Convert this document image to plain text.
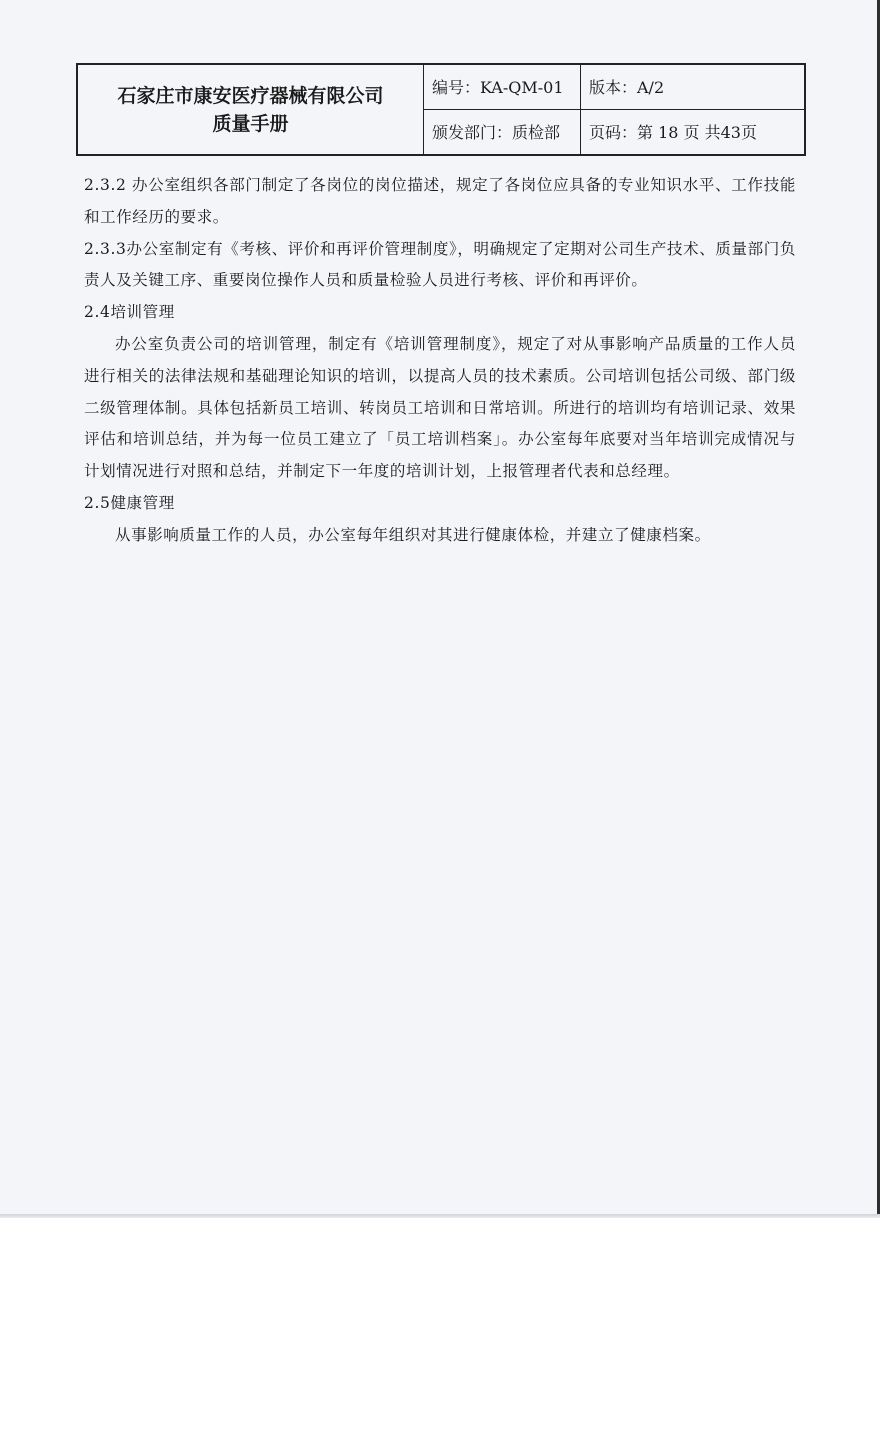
石家庄市康安医疗器械有限公司
质量手册
编号：KA-QM-01 版本：A/2
颁发部门：质检部 页码：第 18 页 共43页

2.3.2 办公室组织各部门制定了各岗位的岗位描述，规定了各岗位应具备的专业知识水平、工作技能和工作经历的要求。

2.3.3办公室制定有《考核、评价和再评价管理制度》，明确规定了定期对公司生产技术、质量部门负责人及关键工序、重要岗位操作人员和质量检验人员进行考核、评价和再评价。

2.4培训管理

办公室负责公司的培训管理，制定有《培训管理制度》，规定了对从事影响产品质量的工作人员进行相关的法律法规和基础理论知识的培训，以提高人员的技术素质。公司培训包括公司级、部门级二级管理体制。具体包括新员工培训、转岗员工培训和日常培训。所进行的培训均有培训记录、效果评估和培训总结，并为每一位员工建立了「员工培训档案」。办公室每年底要对当年培训完成情况与计划情况进行对照和总结，并制定下一年度的培训计划，上报管理者代表和总经理。

2.5健康管理

从事影响质量工作的人员，办公室每年组织对其进行健康体检，并建立了健康档案。
